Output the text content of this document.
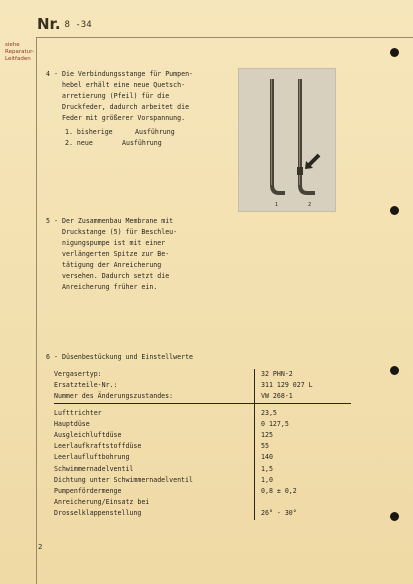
Nr. 8 -34
siehe Reparatur-Leitfaden
4 - Die Verbindungsstange für Pumpen-
hebel erhält eine neue Quetsch-
arretierung (Pfeil) für die
Druckfeder, dadurch arbeitet die
Feder mit größerer Vorspannung.
1. bisherige	Ausführung
2. neue	Ausführung
1	2
5 - Der Zusammenbau Membrane mit
Druckstange (5) für Beschleu-
nigungspumpe ist mit einer
verlängerten Spitze zur Be-
tätigung der Anreicherung
versehen. Dadurch setzt die
Anreicherung früher ein.
6 - Düsenbestückung und Einstellwerte
Vergasertyp:	32 PHN-2
Ersatzteile-Nr.:	311 129 027 L
Nummer des Änderungszustandes:	VW 268-1
Lufttrichter	23,5
Hauptdüse	0 127,5
Ausgleichluftdüse	125
Leerlaufkraftstoffdüse	55
Leerlaufluftbohrung	140
Schwimmernadelventil	1,5
Dichtung unter Schwimmernadelventil	1,0
Pumpenfördermenge	0,8 ± 0,2
Anreicherung/Einsatz bei	
Drosselklappenstellung	26° - 30°
2
